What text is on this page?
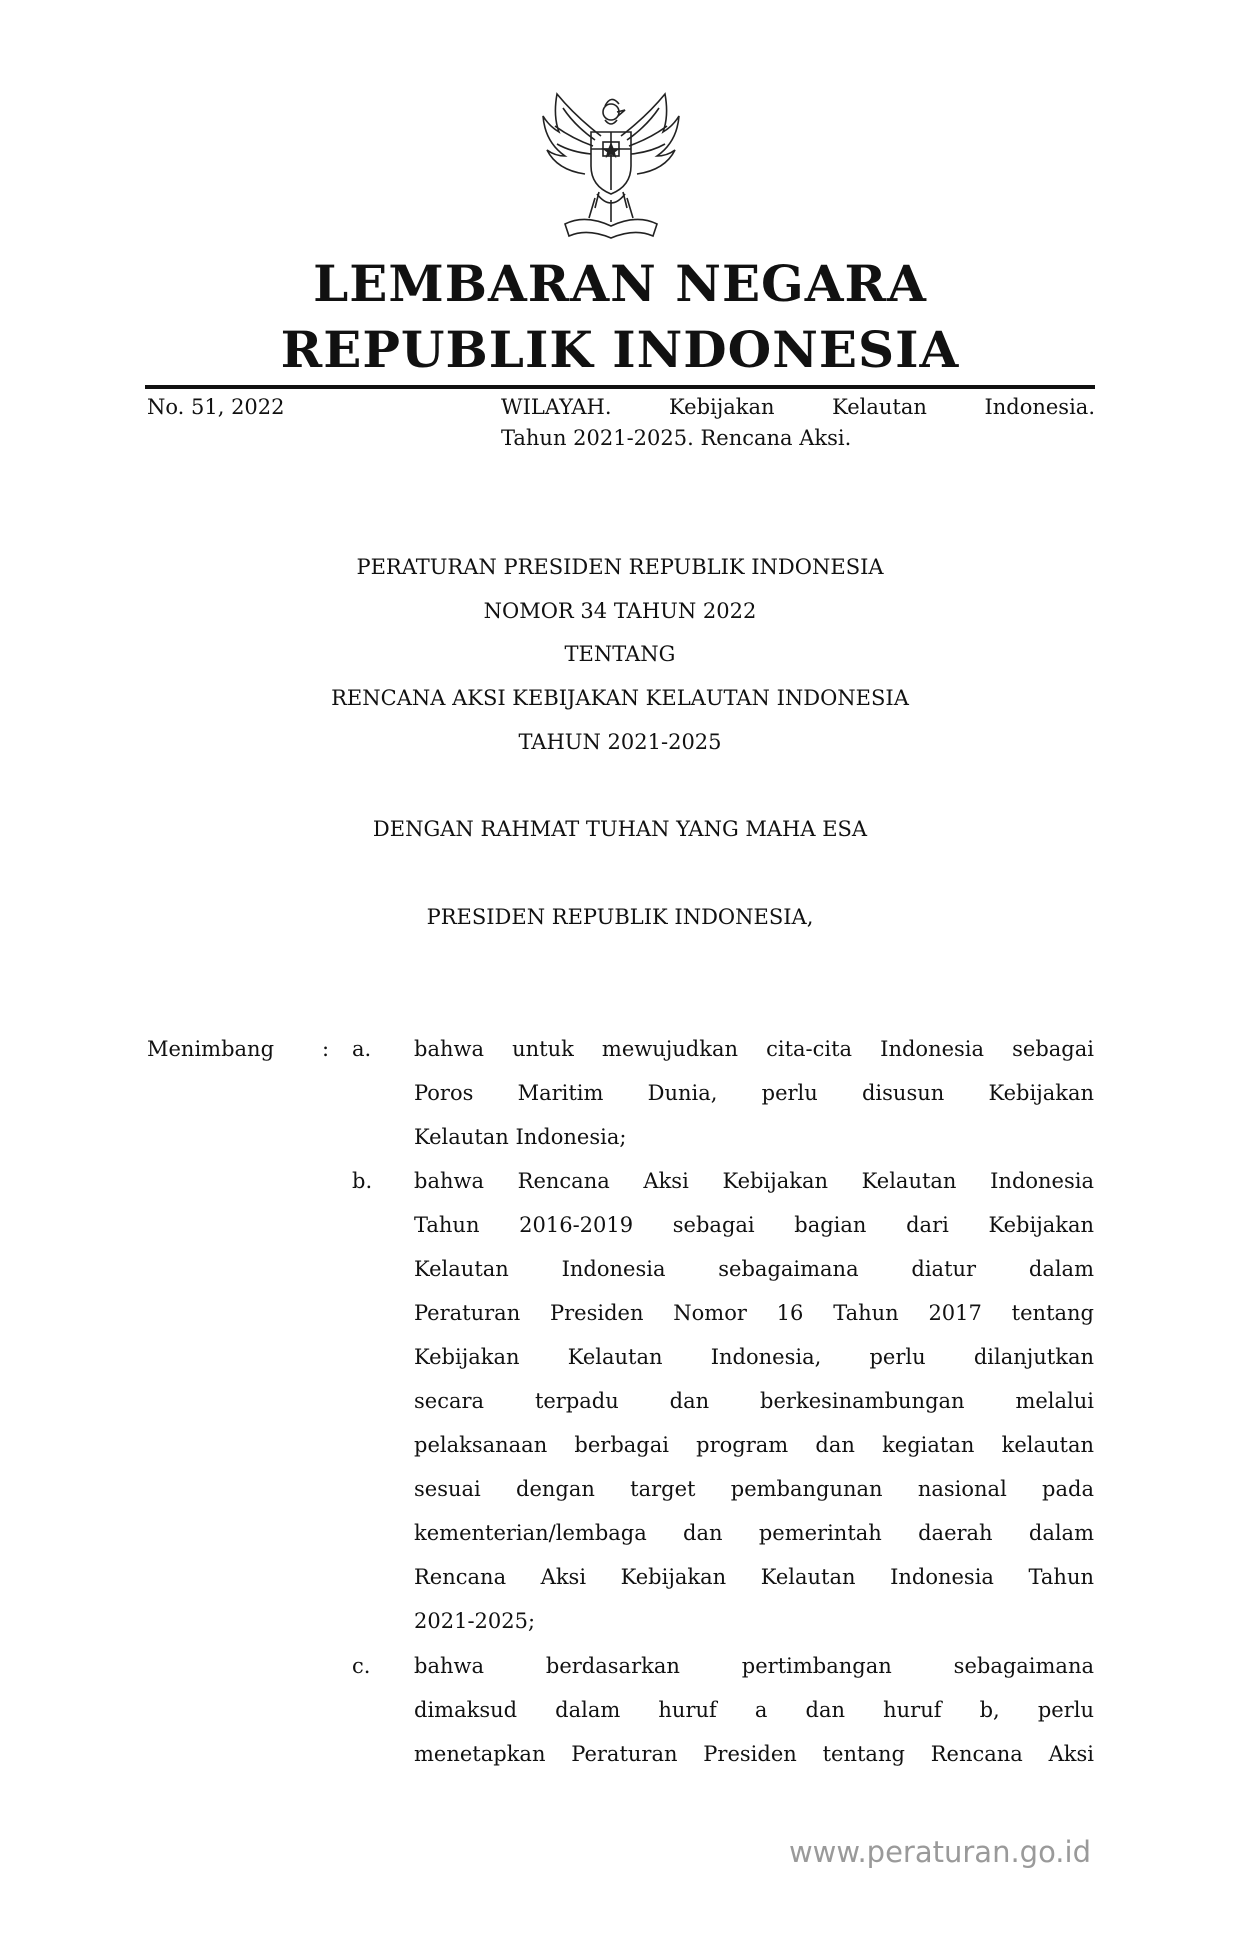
LEMBARAN NEGARA
REPUBLIK INDONESIA
No. 51, 2022	WILAYAH. Kebijakan Kelautan Indonesia.
Tahun 2021-2025. Rencana Aksi.
PERATURAN PRESIDEN REPUBLIK INDONESIA
NOMOR 34 TAHUN 2022
TENTANG
RENCANA AKSI KEBIJAKAN KELAUTAN INDONESIA
TAHUN 2021-2025
DENGAN RAHMAT TUHAN YANG MAHA ESA
PRESIDEN REPUBLIK INDONESIA,
Menimbang : a. bahwa untuk mewujudkan cita-cita Indonesia sebagai
Poros Maritim Dunia, perlu disusun Kebijakan
Kelautan Indonesia;
b. bahwa Rencana Aksi Kebijakan Kelautan Indonesia
Tahun 2016-2019 sebagai bagian dari Kebijakan
Kelautan Indonesia sebagaimana diatur dalam
Peraturan Presiden Nomor 16 Tahun 2017 tentang
Kebijakan Kelautan Indonesia, perlu dilanjutkan
secara terpadu dan berkesinambungan melalui
pelaksanaan berbagai program dan kegiatan kelautan
sesuai dengan target pembangunan nasional pada
kementerian/lembaga dan pemerintah daerah dalam
Rencana Aksi Kebijakan Kelautan Indonesia Tahun
2021-2025;
c. bahwa berdasarkan pertimbangan sebagaimana
dimaksud dalam huruf a dan huruf b, perlu
menetapkan Peraturan Presiden tentang Rencana Aksi
www.peraturan.go.id
